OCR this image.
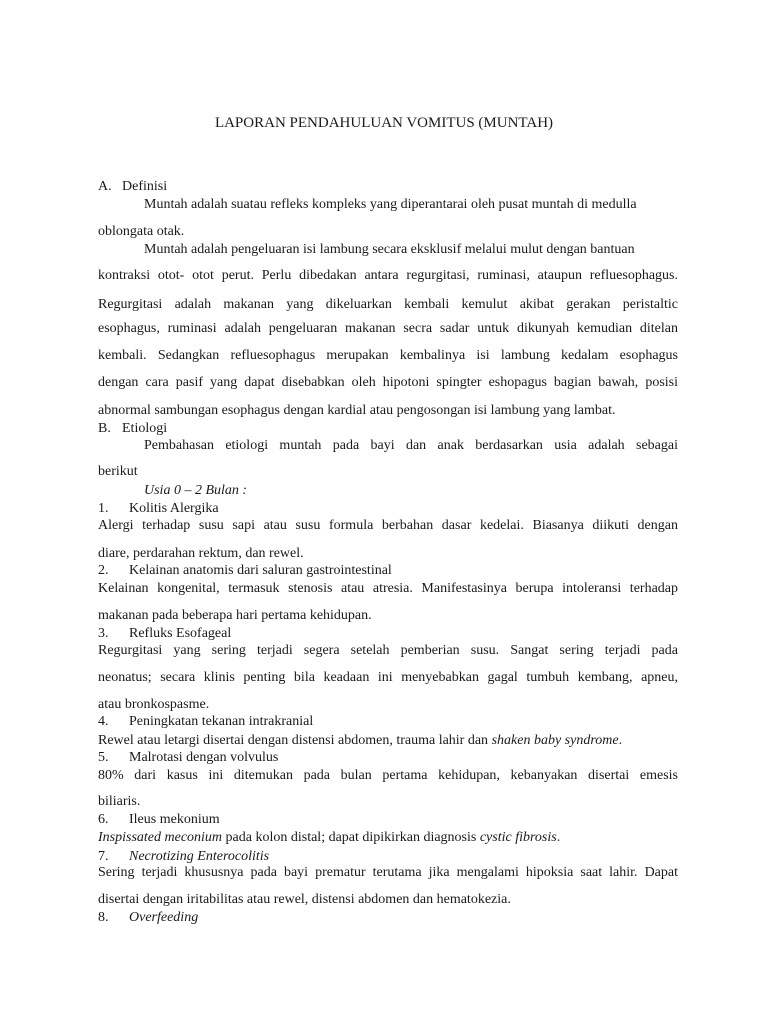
LAPORAN PENDAHULUAN VOMITUS (MUNTAH)
A. Definisi
Muntah adalah suatau refleks kompleks yang diperantarai oleh pusat muntah di medulla
oblongata otak.
Muntah adalah pengeluaran isi lambung secara eksklusif melalui mulut dengan bantuan
kontraksi otot- otot perut. Perlu dibedakan antara regurgitasi, ruminasi, ataupun refluesophagus.
Regurgitasi adalah makanan yang dikeluarkan kembali kemulut akibat gerakan peristaltic
esophagus, ruminasi adalah pengeluaran makanan secra sadar untuk dikunyah kemudian ditelan
kembali. Sedangkan refluesophagus merupakan kembalinya isi lambung kedalam esophagus
dengan cara pasif yang dapat disebabkan oleh hipotoni spingter eshopagus bagian bawah, posisi
abnormal sambungan esophagus dengan kardial atau pengosongan isi lambung yang lambat.
B. Etiologi
Pembahasan etiologi muntah pada bayi dan anak berdasarkan usia adalah sebagai
berikut
Usia 0 – 2 Bulan :
1. Kolitis Alergika
Alergi terhadap susu sapi atau susu formula berbahan dasar kedelai. Biasanya diikuti dengan
diare, perdarahan rektum, dan rewel.
2. Kelainan anatomis dari saluran gastrointestinal
Kelainan kongenital, termasuk stenosis atau atresia. Manifestasinya berupa intoleransi terhadap
makanan pada beberapa hari pertama kehidupan.
3. Refluks Esofageal
Regurgitasi yang sering terjadi segera setelah pemberian susu. Sangat sering terjadi pada
neonatus; secara klinis penting bila keadaan ini menyebabkan gagal tumbuh kembang, apneu,
atau bronkospasme.
4. Peningkatan tekanan intrakranial
Rewel atau letargi disertai dengan distensi abdomen, trauma lahir dan shaken baby syndrome.
5. Malrotasi dengan volvulus
80% dari kasus ini ditemukan pada bulan pertama kehidupan, kebanyakan disertai emesis
biliaris.
6. Ileus mekonium
Inspissated meconium pada kolon distal; dapat dipikirkan diagnosis cystic fibrosis.
7. Necrotizing Enterocolitis
Sering terjadi khususnya pada bayi prematur terutama jika mengalami hipoksia saat lahir. Dapat
disertai dengan iritabilitas atau rewel, distensi abdomen dan hematokezia.
8. Overfeeding
